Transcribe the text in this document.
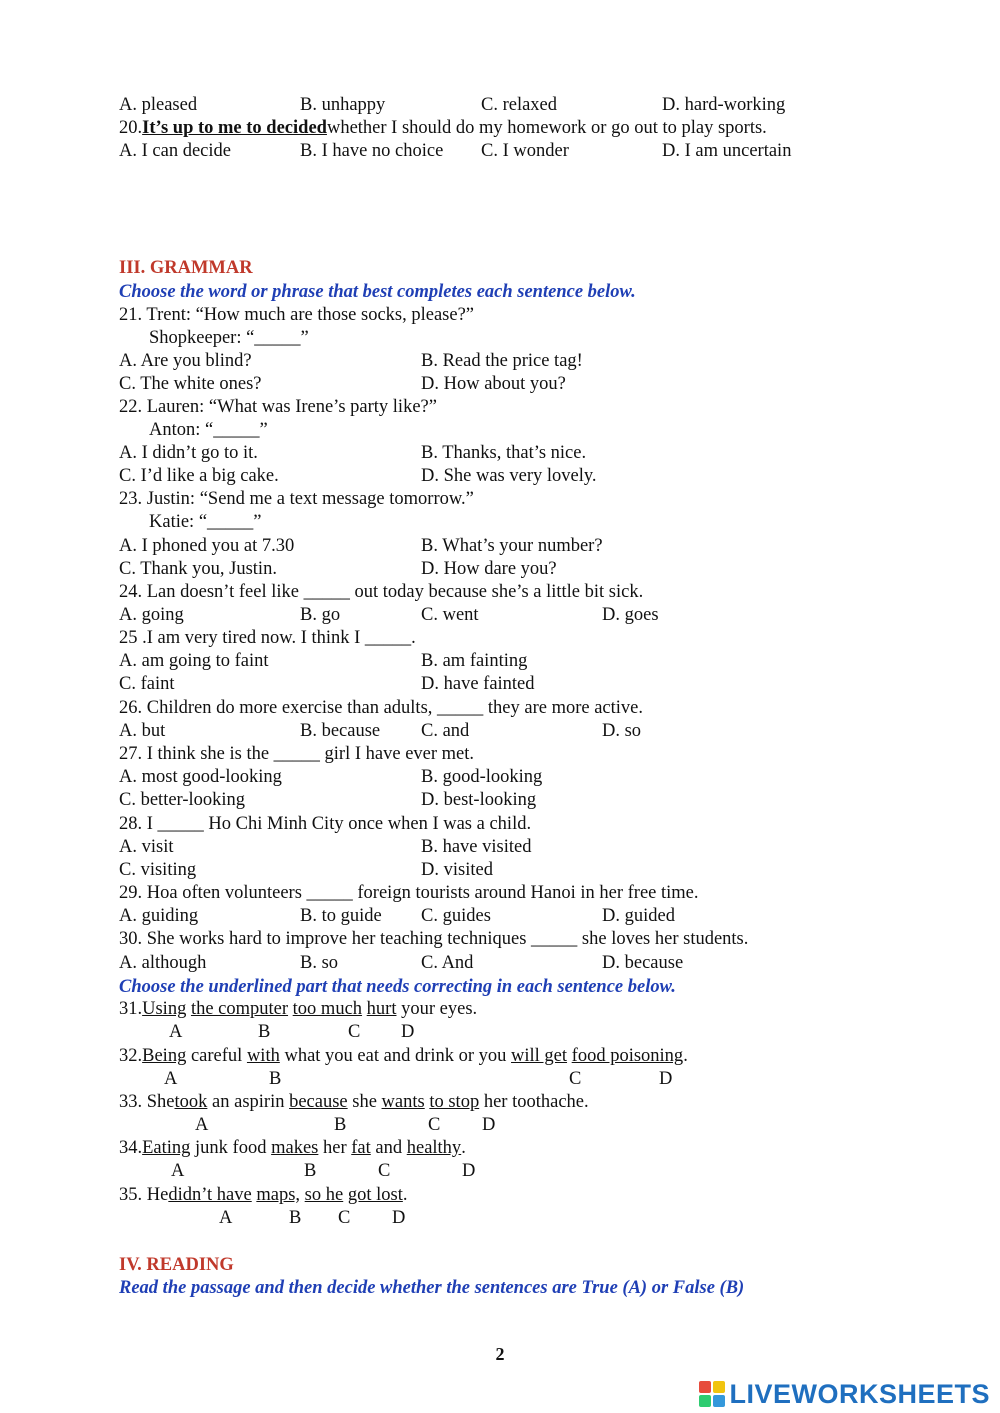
A. pleased	B. unhappy	C. relaxed	D. hard-working
20.It’s up to me to decidedwhether I should do my homework or go out to play sports.
A. I can decide	B. I have no choice C. I wonder	D. I am uncertain
III. GRAMMAR
Choose the word or phrase that best completes each sentence below.
21. Trent: “How much are those socks, please?”
Shopkeeper: “_____”
A. Are you blind?	B. Read the price tag!
C. The white ones?	D. How about you?
22. Lauren: “What was Irene’s party like?”
Anton: “_____”
A. I didn’t go to it.	B. Thanks, that’s nice.
C. I’d like a big cake.	D. She was very lovely.
23. Justin: “Send me a text message tomorrow.”
Katie: “_____”
A. I phoned you at 7.30	B. What’s your number?
C. Thank you, Justin.	D. How dare you?
24. Lan doesn’t feel like _____ out today because she’s a little bit sick.
A. going	B. go	C. went	D. goes
25 .I am very tired now. I think I _____.
A. am going to faint	B. am fainting
C. faint	D. have fainted
26. Children do more exercise than adults, _____ they are more active.
A. but	B. because C. and	D. so
27. I think she is the _____ girl I have ever met.
A. most good-looking	B. good-looking
C. better-looking	D. best-looking
28. I _____ Ho Chi Minh City once when I was a child.
A. visit	B. have visited
C. visiting	D. visited
29. Hoa often volunteers _____ foreign tourists around Hanoi in her free time.
A. guiding	B. to guide C. guides	D. guided
30. She works hard to improve her teaching techniques _____ she loves her students.
A. although	B. so	C. And	D. because
Choose the underlined part that needs correcting in each sentence below.
31.Using the computer too much hurt your eyes.
A	B	C D
32.Being careful with what you eat and drink or you will get food poisoning.
A	B	C	D
33. Shetook an aspirin because she wants to stop her toothache.
A	B	C D
34.Eating junk food makes her fat and healthy.
A	B	C	D
35. Hedidn’t have maps, so he got lost.
A	B C D
IV. READING
Read the passage and then decide whether the sentences are True (A) or False (B)
2
LIVEWORKSHEETS
